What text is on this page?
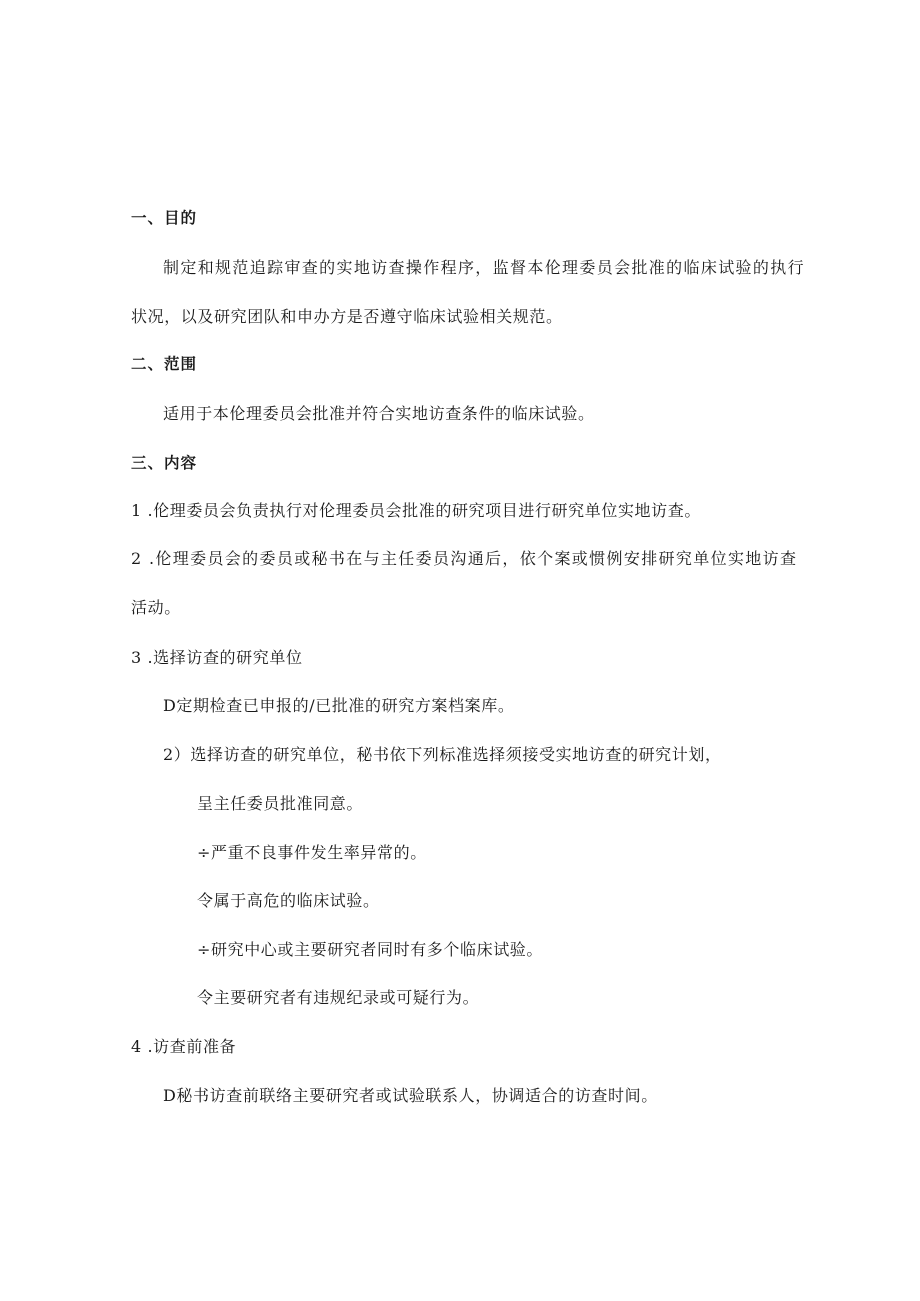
一、目的
制定和规范追踪审查的实地访查操作程序，监督本伦理委员会批准的临床试验的执行
状况，以及研究团队和申办方是否遵守临床试验相关规范。
二、范围
适用于本伦理委员会批准并符合实地访查条件的临床试验。
三、内容
1 .伦理委员会负责执行对伦理委员会批准的研究项目进行研究单位实地访查。
2 .伦理委员会的委员或秘书在与主任委员沟通后，依个案或惯例安排研究单位实地访查
活动。
3 .选择访查的研究单位
D定期检查已申报的/已批准的研究方案档案库。
2）选择访查的研究单位，秘书依下列标准选择须接受实地访查的研究计划，
呈主任委员批准同意。
÷严重不良事件发生率异常的。
令属于高危的临床试验。
÷研究中心或主要研究者同时有多个临床试验。
令主要研究者有违规纪录或可疑行为。
4 .访查前准备
D秘书访查前联络主要研究者或试验联系人，协调适合的访查时间。
